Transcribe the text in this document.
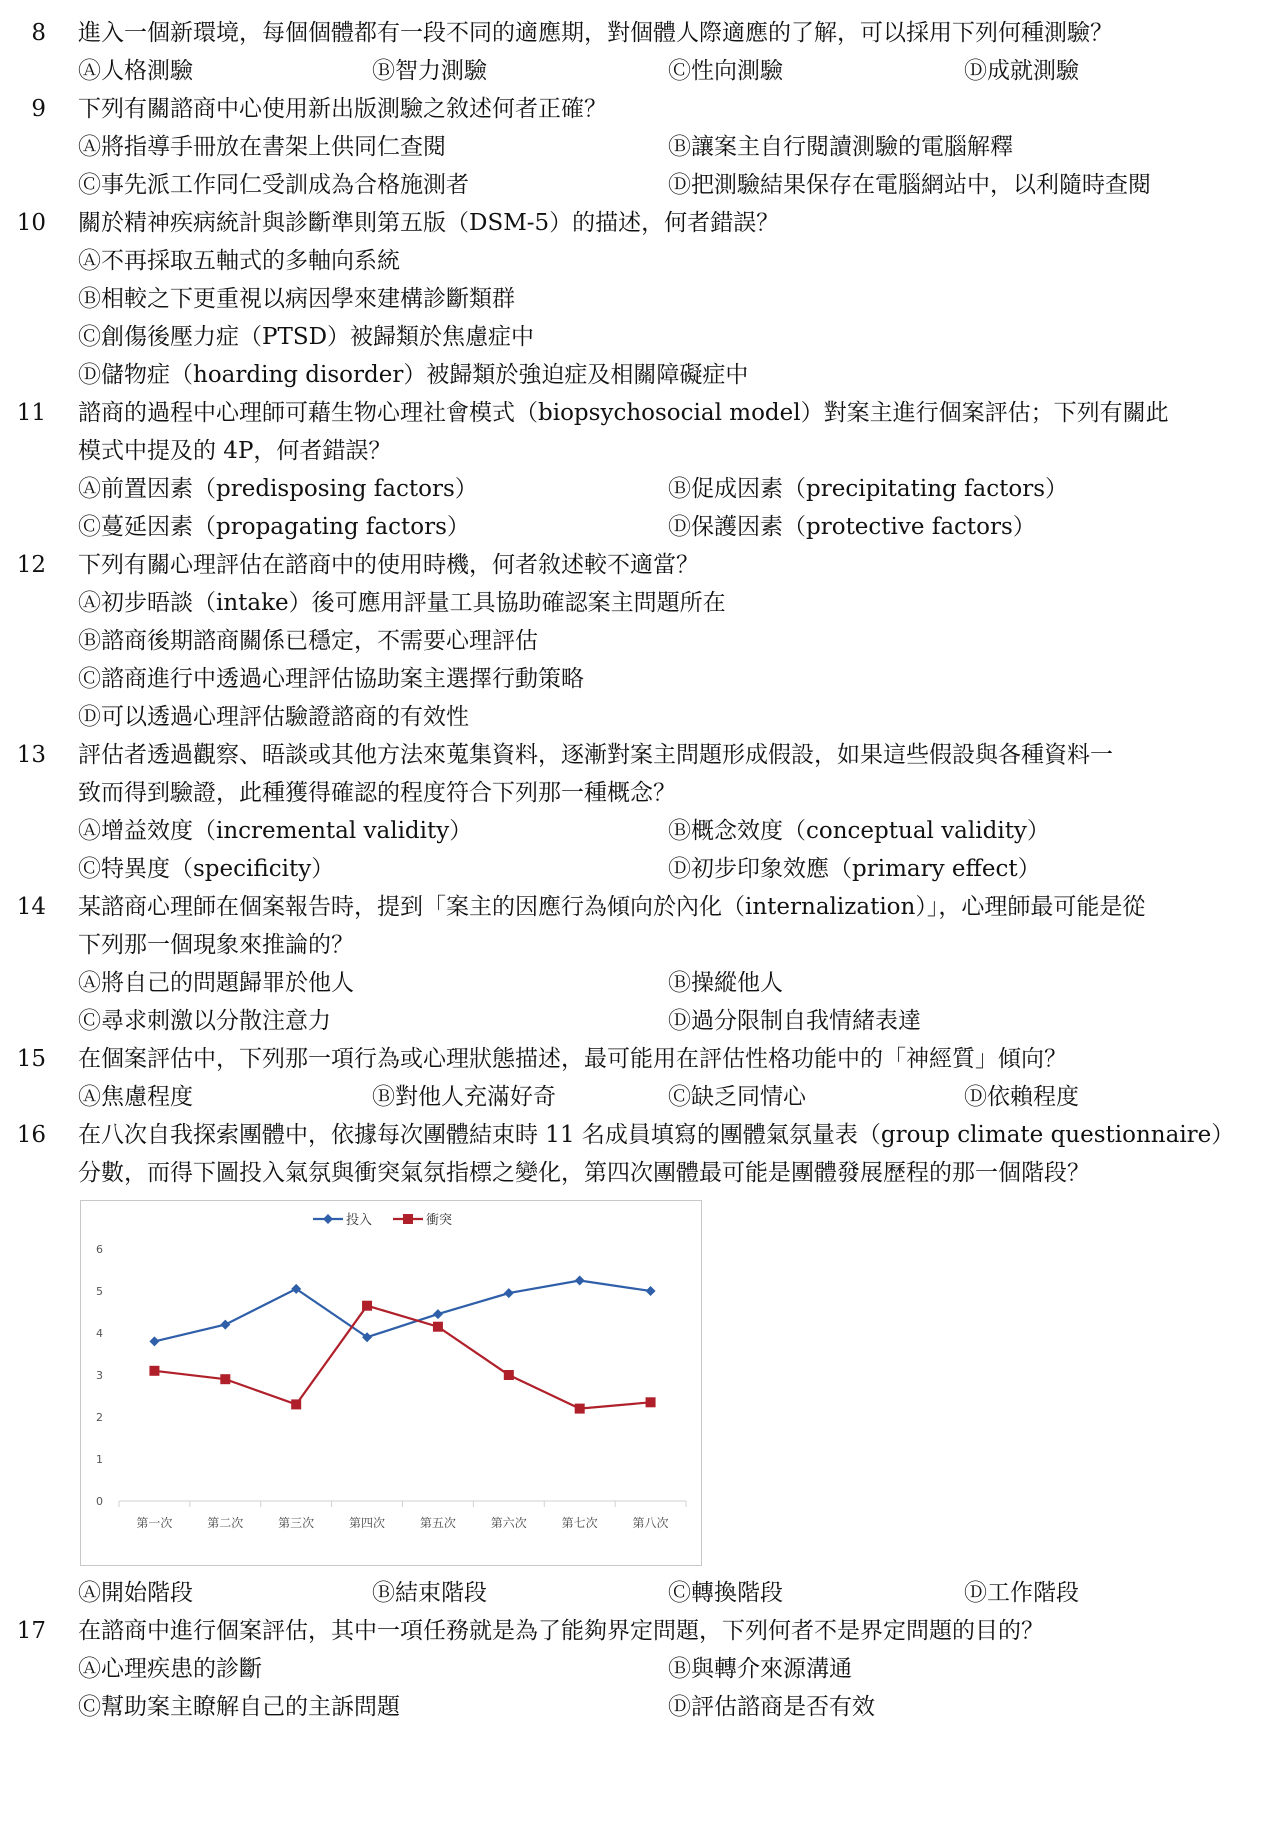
8 進入一個新環境，每個個體都有一段不同的適應期，對個體人際適應的了解，可以採用下列何種測驗？
Ⓐ人格測驗	Ⓑ智力測驗	Ⓒ性向測驗	Ⓓ成就測驗
9 下列有關諮商中心使用新出版測驗之敘述何者正確？
Ⓐ將指導手冊放在書架上供同仁查閱	Ⓑ讓案主自行閱讀測驗的電腦解釋
Ⓒ事先派工作同仁受訓成為合格施測者	Ⓓ把測驗結果保存在電腦網站中，以利隨時查閱
10 關於精神疾病統計與診斷準則第五版（DSM-5）的描述，何者錯誤？
Ⓐ不再採取五軸式的多軸向系統
Ⓑ相較之下更重視以病因學來建構診斷類群
Ⓒ創傷後壓力症（PTSD）被歸類於焦慮症中
Ⓓ儲物症（hoarding disorder）被歸類於強迫症及相關障礙症中
11 諮商的過程中心理師可藉生物心理社會模式（biopsychosocial model）對案主進行個案評估；下列有關此
模式中提及的 4P，何者錯誤？
Ⓐ前置因素（predisposing factors）	Ⓑ促成因素（precipitating factors）
Ⓒ蔓延因素（propagating factors）	Ⓓ保護因素（protective factors）
12 下列有關心理評估在諮商中的使用時機，何者敘述較不適當？
Ⓐ初步晤談（intake）後可應用評量工具協助確認案主問題所在
Ⓑ諮商後期諮商關係已穩定，不需要心理評估
Ⓒ諮商進行中透過心理評估協助案主選擇行動策略
Ⓓ可以透過心理評估驗證諮商的有效性
13 評估者透過觀察、晤談或其他方法來蒐集資料，逐漸對案主問題形成假設，如果這些假設與各種資料一
致而得到驗證，此種獲得確認的程度符合下列那一種概念？
Ⓐ增益效度（incremental validity）	Ⓑ概念效度（conceptual validity）
Ⓒ特異度（specificity）	Ⓓ初步印象效應（primary effect）
14 某諮商心理師在個案報告時，提到「案主的因應行為傾向於內化（internalization）」，心理師最可能是從
下列那一個現象來推論的？
Ⓐ將自己的問題歸罪於他人	Ⓑ操縱他人
Ⓒ尋求刺激以分散注意力	Ⓓ過分限制自我情緒表達
15 在個案評估中，下列那一項行為或心理狀態描述，最可能用在評估性格功能中的「神經質」傾向？
Ⓐ焦慮程度	Ⓑ對他人充滿好奇	Ⓒ缺乏同情心	Ⓓ依賴程度
16 在八次自我探索團體中，依據每次團體結束時 11 名成員填寫的團體氣氛量表（group climate questionnaire）
分數，而得下圖投入氣氛與衝突氣氛指標之變化，第四次團體最可能是團體發展歷程的那一個階段？
0
1
2
3
4
5
6
第一次	第二次	第三次	第四次	第五次	第六次	第七次	第八次
投入	衝突
Ⓐ開始階段	Ⓑ結束階段	Ⓒ轉換階段	Ⓓ工作階段
17 在諮商中進行個案評估，其中一項任務就是為了能夠界定問題，下列何者不是界定問題的目的？
Ⓐ心理疾患的診斷	Ⓑ與轉介來源溝通
Ⓒ幫助案主瞭解自己的主訴問題	Ⓓ評估諮商是否有效
